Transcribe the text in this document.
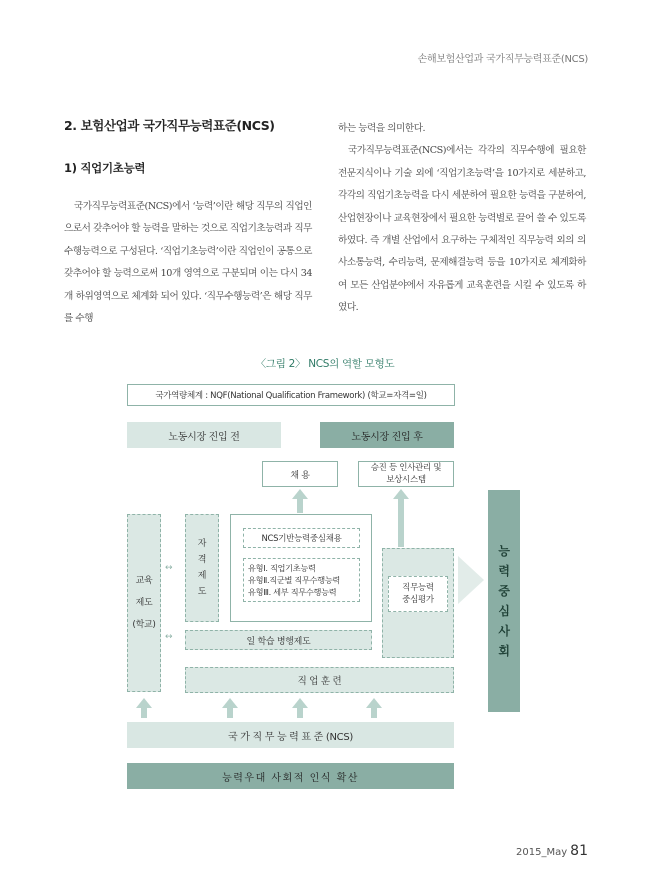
손해보험산업과 국가직무능력표준(NCS)
2. 보험산업과 국가직무능력표준(NCS)
1) 직업기초능력

국가직무능력표준(NCS)에서 ‘능력’이란 해당 직무의 직업인으로서 갖추어야 할 능력을 말하는 것으로 직업기초능력과 직무수행능력으로 구성된다. ‘직업기초능력’이란 직업인이 공통으로 갖추어야 할 능력으로써 10개 영역으로 구분되며 이는 다시 34개 하위영역으로 체계화 되어 있다. ‘직무수행능력’은 해당 직무를 수행

하는 능력을 의미한다.

국가직무능력표준(NCS)에서는 각각의 직무수행에 필요한 전문지식이나 기술 외에 ‘직업기초능력’을 10가지로 세분하고, 각각의 직업기초능력을 다시 세분하여 필요한 능력을 구분하여, 산업현장이나 교육현장에서 필요한 능력별로 끌어 쓸 수 있도록 하였다. 즉 개별 산업에서 요구하는 구체적인 직무능력 외의 의사소통능력, 수리능력, 문제해결능력 등을 10가지로 체계화하여 모든 산업분야에서 자유롭게 교육훈련을 시킬 수 있도록 하였다.

〈그림 2〉 NCS의 역할 모형도
국가역량체계 : NQF(National Qualification Framework) (학교=자격=일)
노동시장 진입 전	노동시장 진입 후
채 용
승진 등 인사관리 및
보상시스템
교육
제도
(학교)
↔
↔
자
격
제
도
NCS기반능력중심채용
유형Ⅰ. 직업기초능력
유형Ⅱ.직군별 직무수행능력
유형Ⅲ. 세부 직무수행능력	직무능력
중심평가
일 학습 병행제도
직 업 훈 련
능
력
중
심
사
회
국 가 직 무 능 력 표 준 (NCS)
능력우대 사회적 인식 확산
2015_May 81
